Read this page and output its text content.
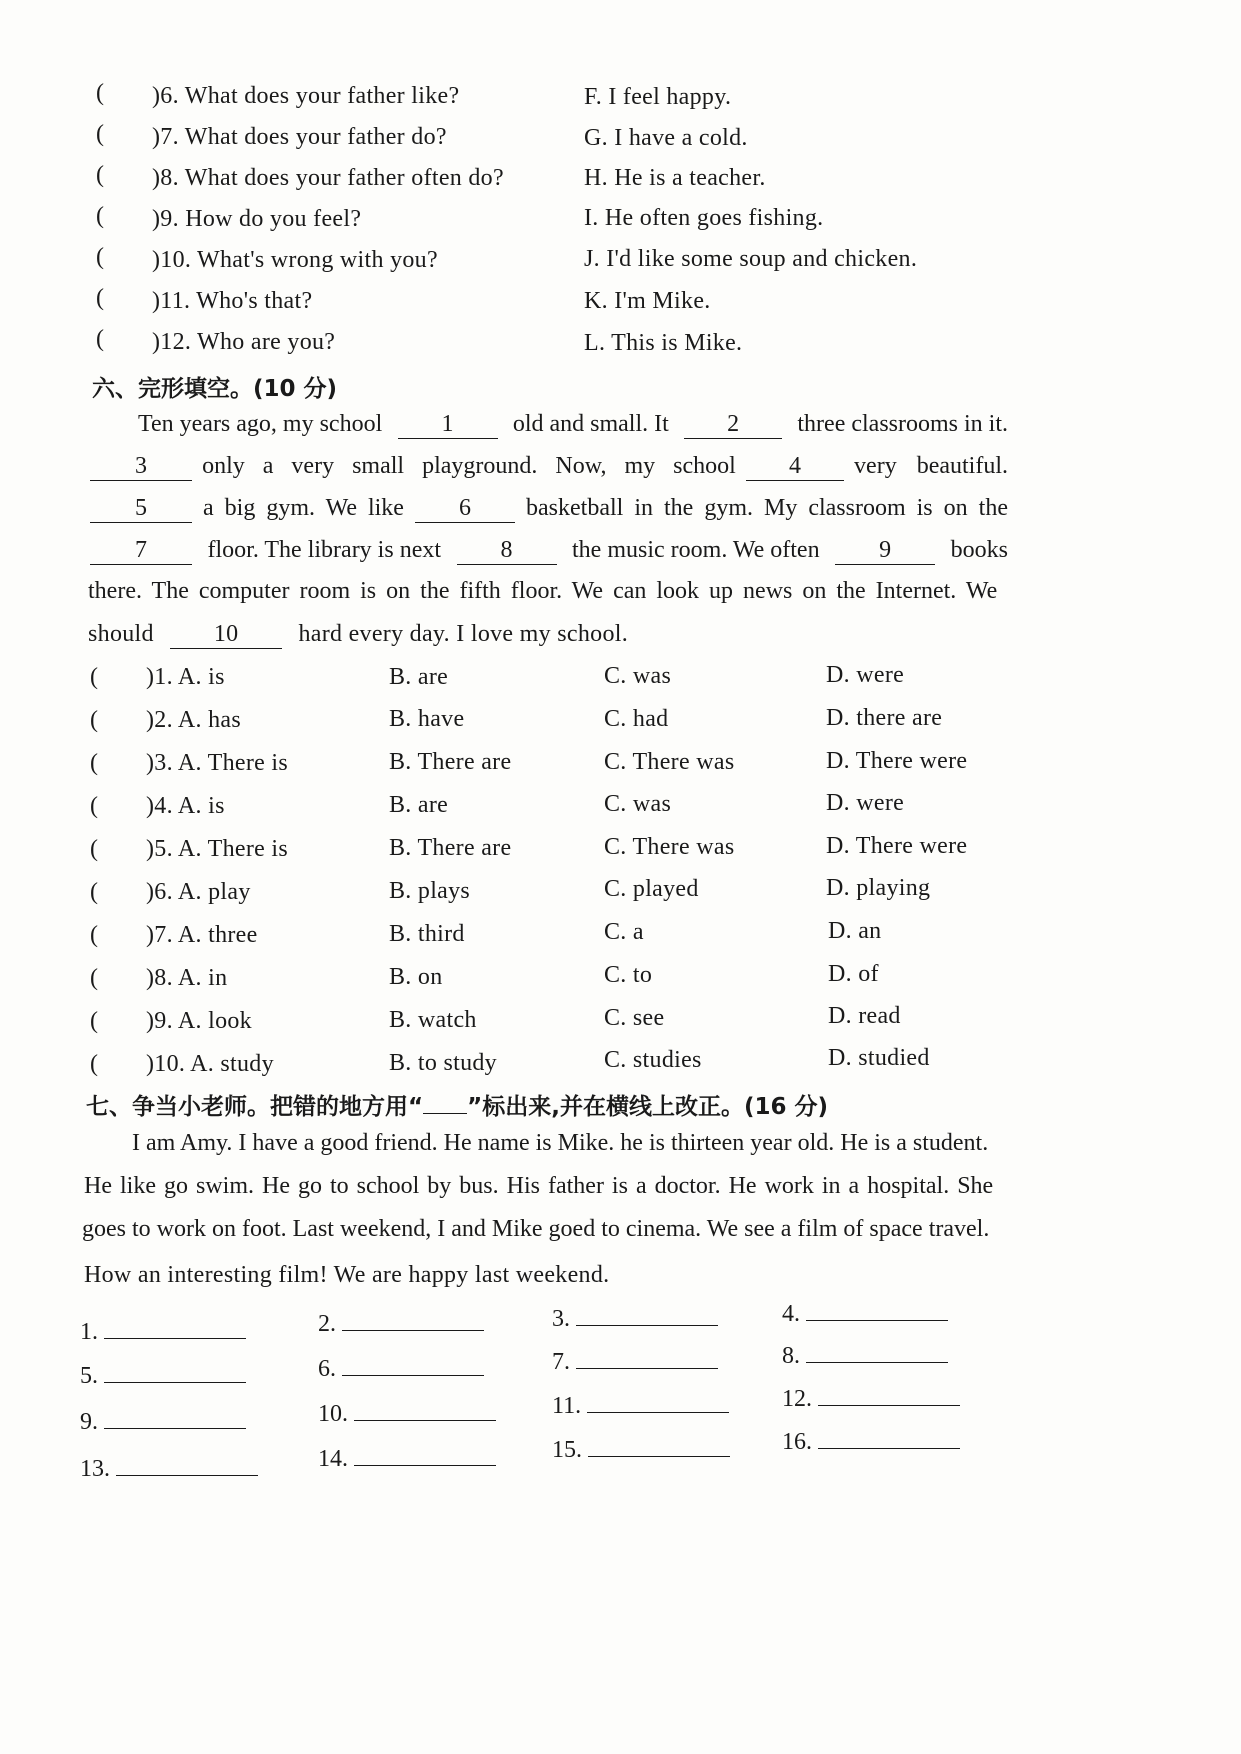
( )6. What does your father like?	F. I feel happy.
( )7. What does your father do?	G. I have a cold.
( )8. What does your father often do?	H. He is a teacher.
( )9. How do you feel?	I. He often goes fishing.
( )10. What's wrong with you?	J. I'd like some soup and chicken.
( )11. Who's that?	K. I'm Mike.
( )12. Who are you?	L. This is Mike.
六、完形填空。(10 分)
Ten years ago, my school	1	old and small. It	2	three classrooms in it.
3	only a very small playground. Now, my school	4	very beautiful.
5	a big gym. We like	6	basketball in the gym. My classroom is on the
7	floor. The library is next	8	the music room. We often	9	books
there. The computer room is on the fifth floor. We can look up news on the Internet. We
should	10	hard every day. I love my school.
( )1. A. is	B. are	C. was	D. were
( )2. A. has	B. have	C. had	D. there are
( )3. A. There is	B. There are	C. There was	D. There were
( )4. A. is	B. are	C. was	D. were
( )5. A. There is	B. There are	C. There was	D. There were
( )6. A. play	B. plays	C. played	D. playing
( )7. A. three	B. third	C. a	D. an
( )8. A. in	B. on	C. to	D. of
( )9. A. look	B. watch	C. see	D. read
( )10. A. study	B. to study	C. studies	D. studied
七、争当小老师。把错的地方用“ ”标出来,并在横线上改正。(16 分)
I am Amy. I have a good friend. He name is Mike. he is thirteen year old. He is a student.
He like go swim. He go to school by bus. His father is a doctor. He work in a hospital. She
goes to work on foot. Last weekend, I and Mike goed to cinema. We see a film of space travel.
How an interesting film! We are happy last weekend.
1.	2.	3.	4.
5.	6.	7.	8.
9.	10.	11.	12.
13.	14.	15.	16.
